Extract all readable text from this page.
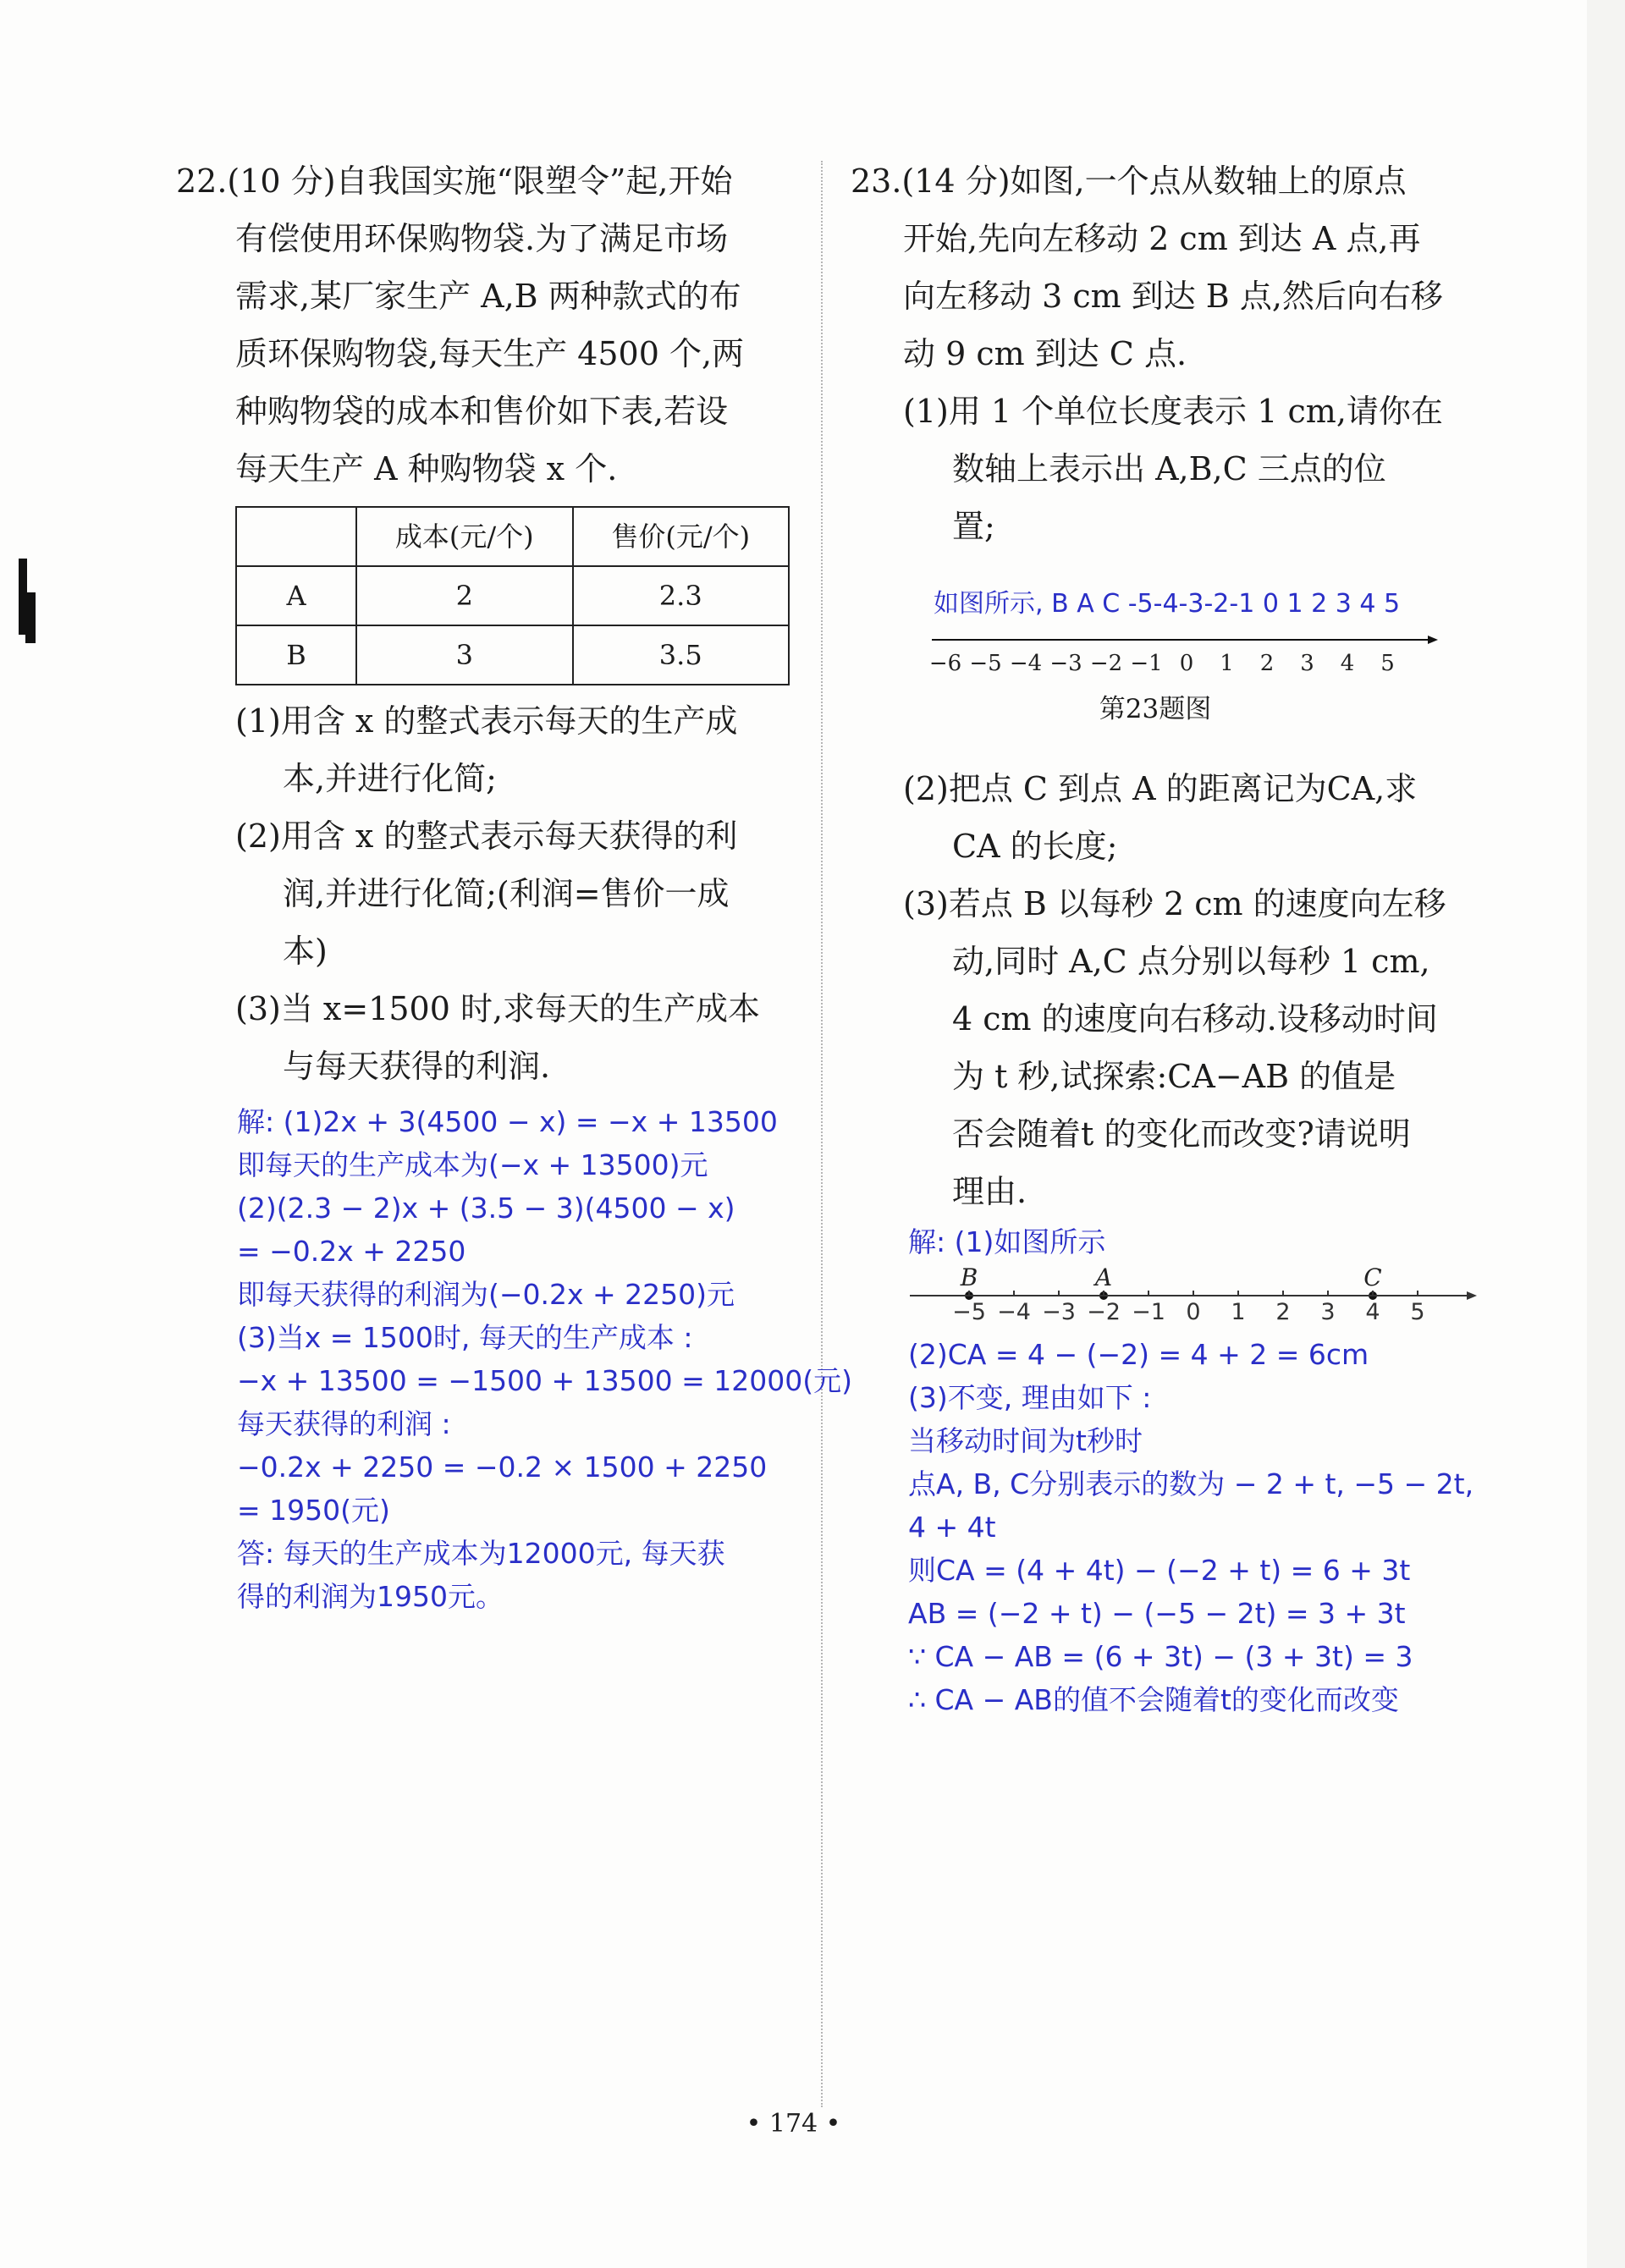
22.(10 分)自我国实施“限塑令”起,开始

有偿使用环保购物袋.为了满足市场

需求,某厂家生产 A,B 两种款式的布

质环保购物袋,每天生产 4500 个,两

种购物袋的成本和售价如下表,若设

每天生产 A 种购物袋 x 个.

	成本(元/个)	售价(元/个)
A	2	2.3
B	3	3.5

(1)用含 x 的整式表示每天的生产成

本,并进行化简;

(2)用含 x 的整式表示每天获得的利

润,并进行化简;(利润=售价一成

本)

(3)当 x=1500 时,求每天的生产成本

与每天获得的利润.

解: (1)2x + 3(4500 − x) = −x + 13500
即每天的生产成本为(−x + 13500)元
(2)(2.3 − 2)x + (3.5 − 3)(4500 − x)
= −0.2x + 2250
即每天获得的利润为(−0.2x + 2250)元
(3)当x = 1500时, 每天的生产成本 :
−x + 13500 = −1500 + 13500 = 12000(元)
每天获得的利润 :
−0.2x + 2250 = −0.2 × 1500 + 2250
= 1950(元)
答: 每天的生产成本为12000元, 每天获
得的利润为1950元。

23.(14 分)如图,一个点从数轴上的原点

开始,先向左移动 2 cm 到达 A 点,再

向左移动 3 cm 到达 B 点,然后向右移

动 9 cm 到达 C 点.

(1)用 1 个单位长度表示 1 cm,请你在

数轴上表示出 A,B,C 三点的位

置;

如图所示, B A C -5-4-3-2-1 0 1 2 3 4 5
−6 −5 −4 −3 −2 −1 0 1 2 3 4 5
第23题图

(2)把点 C 到点 A 的距离记为CA,求

CA 的长度;

(3)若点 B 以每秒 2 cm 的速度向左移

动,同时 A,C 点分别以每秒 1 cm,

4 cm 的速度向右移动.设移动时间

为 t 秒,试探索:CA−AB 的值是

否会随着t 的变化而改变?请说明

理由.

解: (1)如图所示
B	A	C
−5 −4 −3 −2 −1 0 1 2 3 4 5
(2)CA = 4 − (−2) = 4 + 2 = 6cm
(3)不变, 理由如下 :
当移动时间为t秒时
点A, B, C分别表示的数为 − 2 + t, −5 − 2t,
4 + 4t
则CA = (4 + 4t) − (−2 + t) = 6 + 3t
AB = (−2 + t) − (−5 − 2t) = 3 + 3t
∵ CA − AB = (6 + 3t) − (3 + 3t) = 3
∴ CA − AB的值不会随着t的变化而改变
• 174 •
